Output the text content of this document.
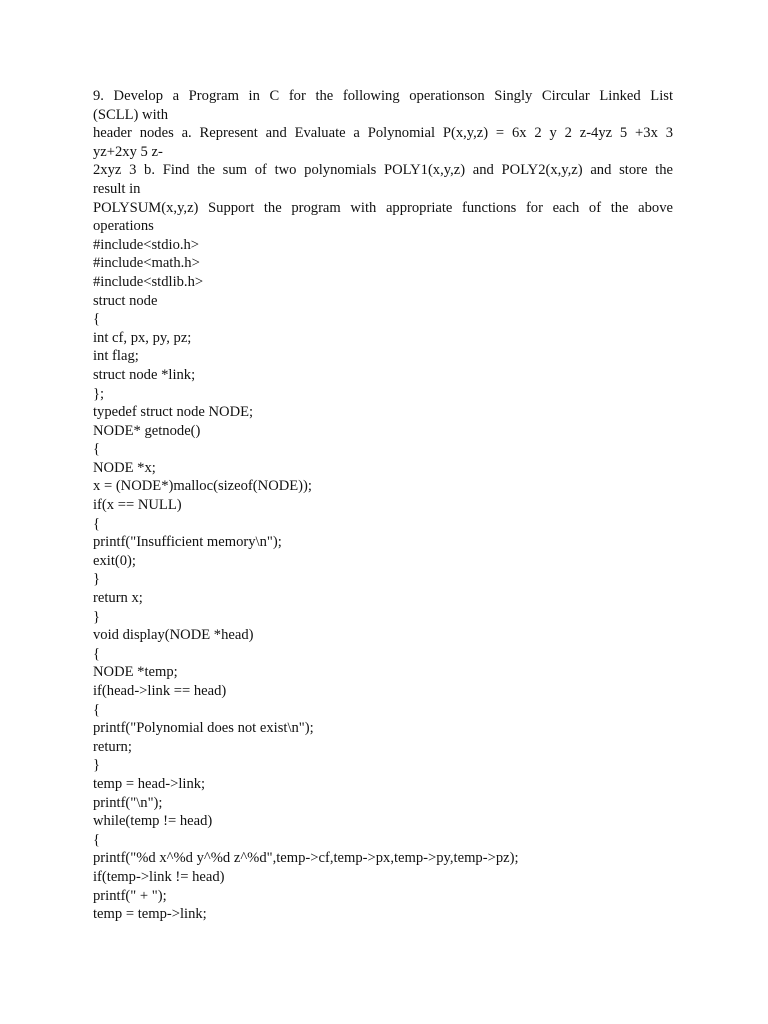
9. Develop a Program in C for the following operationson Singly Circular Linked List
(SCLL) with
header nodes a. Represent and Evaluate a Polynomial P(x,y,z) = 6x 2 y 2 z-4yz 5 +3x 3
yz+2xy 5 z-
2xyz 3 b. Find the sum of two polynomials POLY1(x,y,z) and POLY2(x,y,z) and store the
result in
POLYSUM(x,y,z) Support the program with appropriate functions for each of the above
operations
#include<stdio.h>
#include<math.h>
#include<stdlib.h>
struct node
{
int cf, px, py, pz;
int flag;
struct node *link;
};
typedef struct node NODE;
NODE* getnode()
{
NODE *x;
x = (NODE*)malloc(sizeof(NODE));
if(x == NULL)
{
printf("Insufficient memory\n");
exit(0);
}
return x;
}
void display(NODE *head)
{
NODE *temp;
if(head->link == head)
{
printf("Polynomial does not exist\n");
return;
}
temp = head->link;
printf("\n");
while(temp != head)
{
printf("%d x^%d y^%d z^%d",temp->cf,temp->px,temp->py,temp->pz);
if(temp->link != head)
printf(" + ");
temp = temp->link;
